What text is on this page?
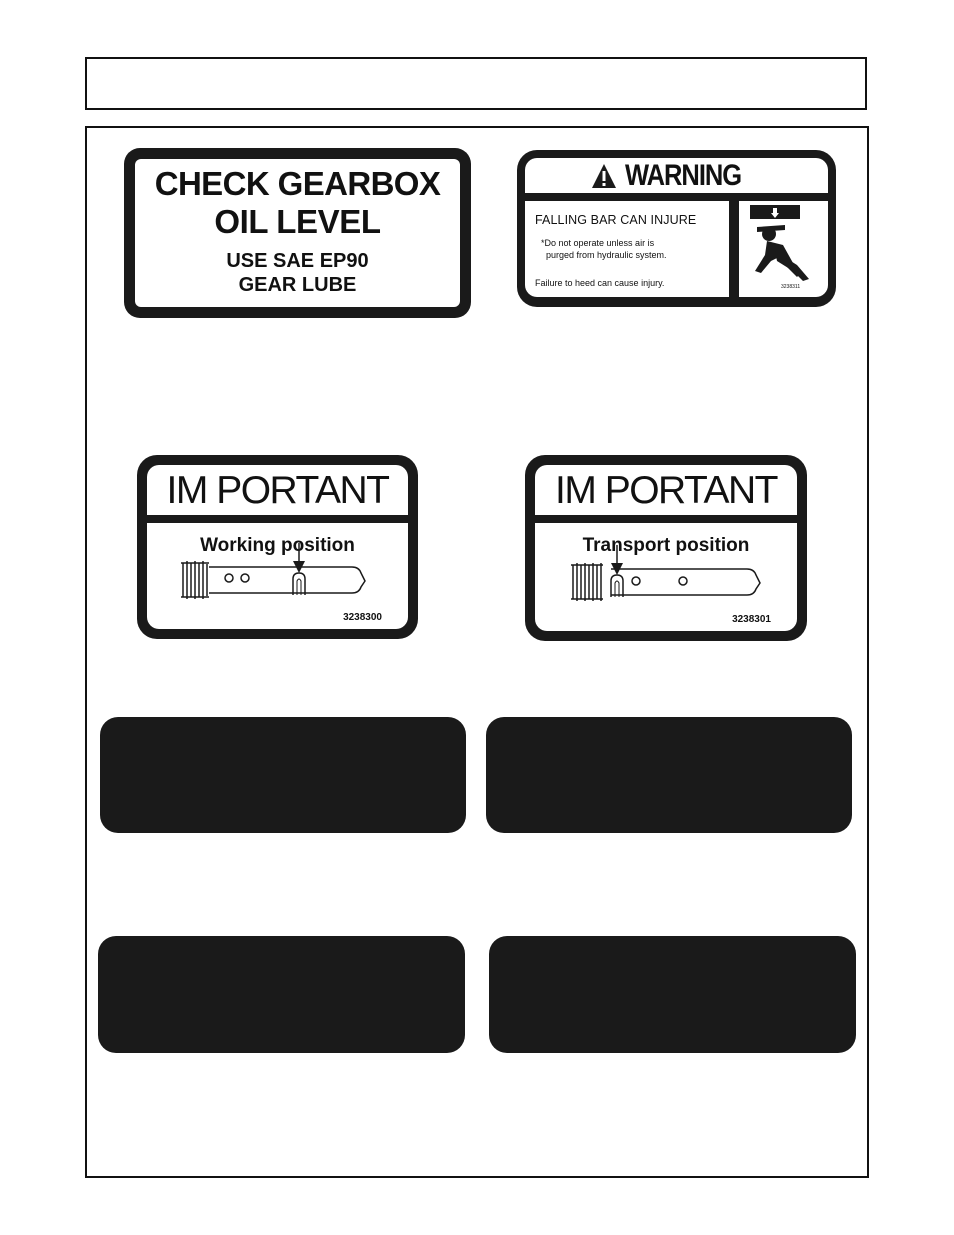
CHECK GEARBOX
OIL LEVEL
USE SAE EP90
GEAR LUBE
WARNING
FALLING BAR CAN INJURE
*Do not operate unless air is
purged from hydraulic system.
Failure to heed can cause injury.	3238311
IM PORTANT
Working position
3238300
IM PORTANT
Transport position
3238301
